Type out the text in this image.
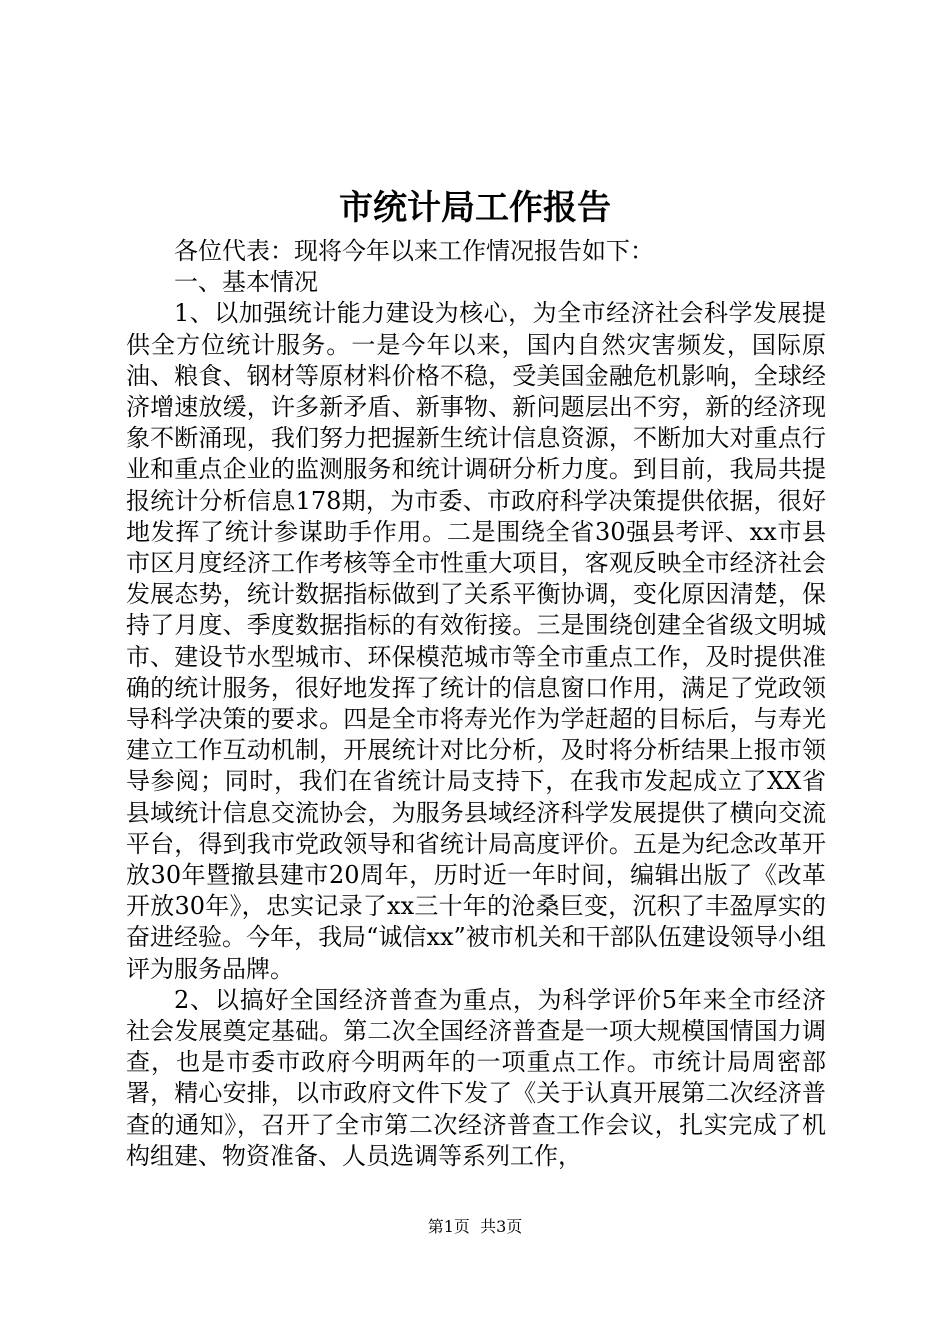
市统计局工作报告

各位代表：现将今年以来工作情况报告如下：

一、基本情况

1、以加强统计能力建设为核心，为全市经济社会科学发展提供全方位统计服务。一是今年以来，国内自然灾害频发，国际原油、粮食、钢材等原材料价格不稳，受美国金融危机影响，全球经济增速放缓，许多新矛盾、新事物、新问题层出不穷，新的经济现象不断涌现，我们努力把握新生统计信息资源，不断加大对重点行业和重点企业的监测服务和统计调研分析力度。到目前，我局共提报统计分析信息178期，为市委、市政府科学决策提供依据，很好地发挥了统计参谋助手作用。二是围绕全省30强县考评、xx市县市区月度经济工作考核等全市性重大项目，客观反映全市经济社会发展态势，统计数据指标做到了关系平衡协调，变化原因清楚，保持了月度、季度数据指标的有效衔接。三是围绕创建全省级文明城市、建设节水型城市、环保模范城市等全市重点工作，及时提供准确的统计服务，很好地发挥了统计的信息窗口作用，满足了党政领导科学决策的要求。四是全市将寿光作为学赶超的目标后，与寿光建立工作互动机制，开展统计对比分析，及时将分析结果上报市领导参阅；同时，我们在省统计局支持下，在我市发起成立了XX省县域统计信息交流协会，为服务县域经济科学发展提供了横向交流平台，得到我市党政领导和省统计局高度评价。五是为纪念改革开放30年暨撤县建市20周年，历时近一年时间，编辑出版了《改革开放30年》，忠实记录了xx三十年的沧桑巨变，沉积了丰盈厚实的奋进经验。今年，我局“诚信xx”被市机关和干部队伍建设领导小组评为服务品牌。

2、以搞好全国经济普查为重点，为科学评价5年来全市经济社会发展奠定基础。第二次全国经济普查是一项大规模国情国力调查，也是市委市政府今明两年的一项重点工作。市统计局周密部署，精心安排，以市政府文件下发了《关于认真开展第二次经济普查的通知》，召开了全市第二次经济普查工作会议，扎实完成了机构组建、物资准备、人员选调等系列工作，

第1页 共3页
